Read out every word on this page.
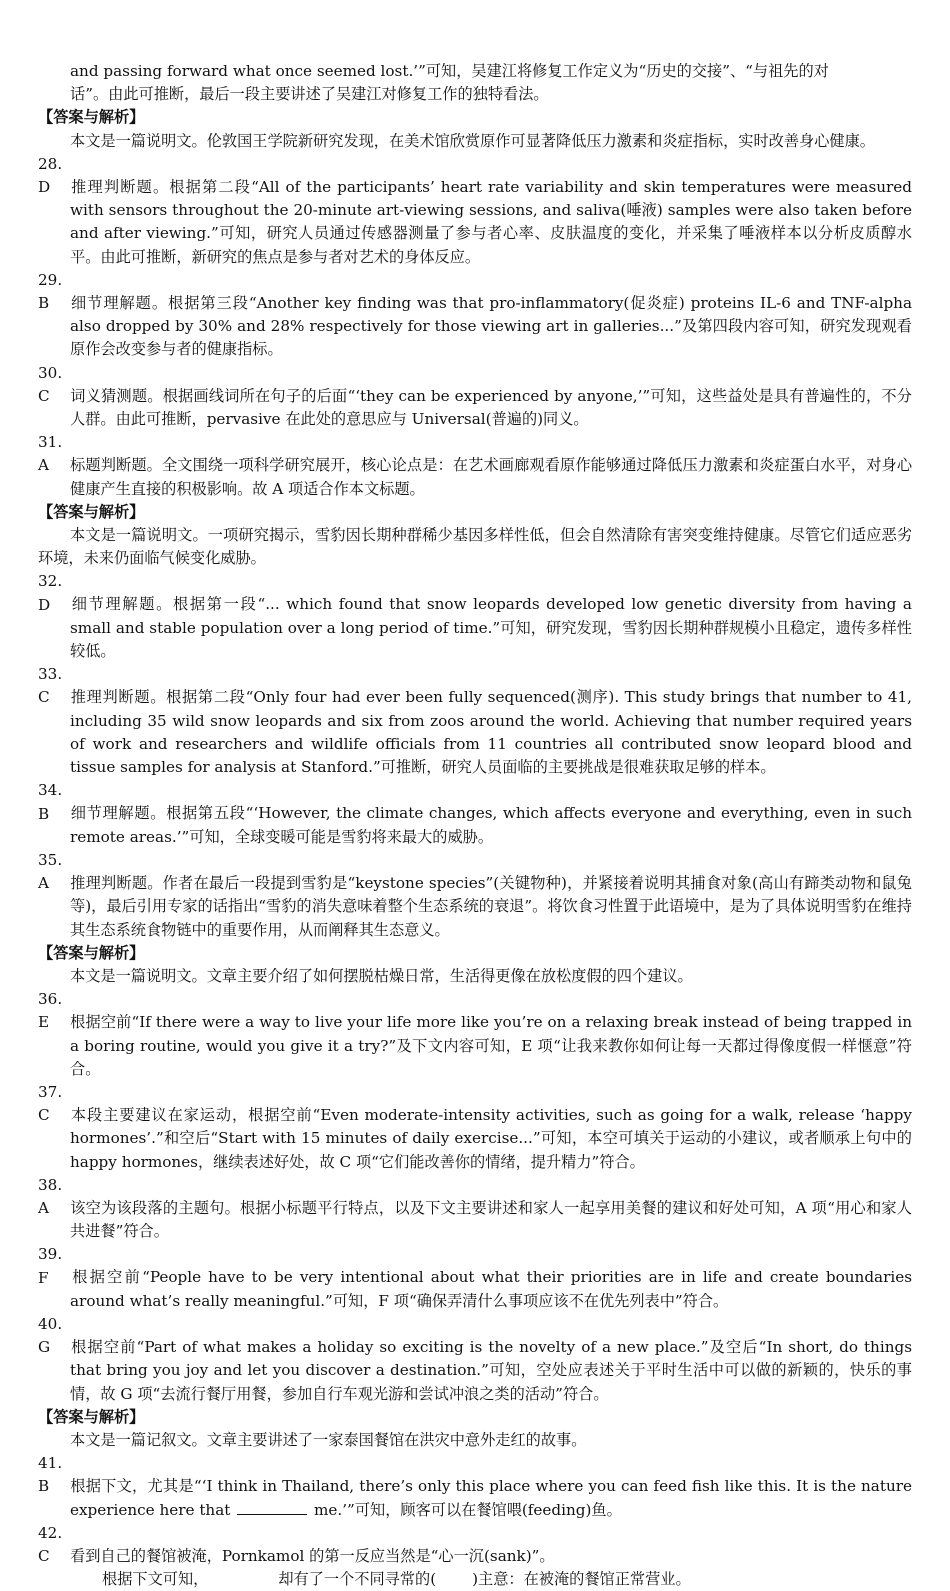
and passing forward what once seemed lost.’”可知，吴建江将修复工作定义为“历史的交接”、“与祖先的对
话”。由此可推断，最后一段主要讲述了吴建江对修复工作的独特看法。
【答案与解析】
本文是一篇说明文。伦敦国王学院新研究发现，在美术馆欣赏原作可显著降低压力激素和炎症指标，实时改善身心健康。
28. D 推理判断题。根据第二段“All of the participants’ heart rate variability and skin temperatures were measured with sensors throughout the 20-minute art-viewing sessions, and saliva(唾液) samples were also taken before and after viewing.”可知，研究人员通过传感器测量了参与者心率、皮肤温度的变化，并采集了唾液样本以分析皮质醇水平。由此可推断，新研究的焦点是参与者对艺术的身体反应。
29. B 细节理解题。根据第三段“Another key finding was that pro-inflammatory(促炎症) proteins IL-6 and TNF-alpha also dropped by 30% and 28% respectively for those viewing art in galleries...”及第四段内容可知，研究发现观看原作会改变参与者的健康指标。
30. C 词义猜测题。根据画线词所在句子的后面“‘they can be experienced by anyone,’”可知，这些益处是具有普遍性的，不分人群。由此可推断，pervasive 在此处的意思应与 Universal(普遍的)同义。
31. A 标题判断题。全文围绕一项科学研究展开，核心论点是：在艺术画廊观看原作能够通过降低压力激素和炎症蛋白水平，对身心健康产生直接的积极影响。故 A 项适合作本文标题。
【答案与解析】
本文是一篇说明文。一项研究揭示，雪豹因长期种群稀少基因多样性低，但会自然清除有害突变维持健康。尽管它们适应恶劣环境，未来仍面临气候变化威胁。
32. D 细节理解题。根据第一段“... which found that snow leopards developed low genetic diversity from having a small and stable population over a long period of time.”可知，研究发现，雪豹因长期种群规模小且稳定，遗传多样性较低。
33. C 推理判断题。根据第二段“Only four had ever been fully sequenced(测序). This study brings that number to 41, including 35 wild snow leopards and six from zoos around the world. Achieving that number required years of work and researchers and wildlife officials from 11 countries all contributed snow leopard blood and tissue samples for analysis at Stanford.”可推断，研究人员面临的主要挑战是很难获取足够的样本。
34. B 细节理解题。根据第五段“‘However, the climate changes, which affects everyone and everything, even in such remote areas.’”可知，全球变暖可能是雪豹将来最大的威胁。
35. A 推理判断题。作者在最后一段提到雪豹是“keystone species”(关键物种)，并紧接着说明其捕食对象(高山有蹄类动物和鼠兔等)，最后引用专家的话指出“雪豹的消失意味着整个生态系统的衰退”。将饮食习性置于此语境中，是为了具体说明雪豹在维持其生态系统食物链中的重要作用，从而阐释其生态意义。
【答案与解析】
本文是一篇说明文。文章主要介绍了如何摆脱枯燥日常，生活得更像在放松度假的四个建议。
36. E 根据空前“If there were a way to live your life more like you’re on a relaxing break instead of being trapped in a boring routine, would you give it a try?”及下文内容可知，E 项“让我来教你如何让每一天都过得像度假一样惬意”符合。
37. C 本段主要建议在家运动，根据空前“Even moderate-intensity activities, such as going for a walk, release ‘happy hormones’.”和空后“Start with 15 minutes of daily exercise...”可知，本空可填关于运动的小建议，或者顺承上句中的 happy hormones，继续表述好处，故 C 项“它们能改善你的情绪，提升精力”符合。
38. A 该空为该段落的主题句。根据小标题平行特点，以及下文主要讲述和家人一起享用美餐的建议和好处可知，A 项“用心和家人共进餐”符合。
39. F 根据空前“People have to be very intentional about what their priorities are in life and create boundaries around what’s really meaningful.”可知，F 项“确保弄清什么事项应该不在优先列表中”符合。
40. G 根据空前“Part of what makes a holiday so exciting is the novelty of a new place.”及空后“In short, do things that bring you joy and let you discover a destination.”可知，空处应表述关于平时生活中可以做的新颖的，快乐的事情，故 G 项“去流行餐厅用餐，参加自行车观光游和尝试冲浪之类的活动”符合。
【答案与解析】
本文是一篇记叙文。文章主要讲述了一家泰国餐馆在洪灾中意外走红的故事。
41. B 根据下文，尤其是“‘I think in Thailand, there’s only this place where you can feed fish like this. It is the nature experience here that	me.’”可知，顾客可以在餐馆喂(feeding)鱼。
42. C 看到自己的餐馆被淹，Pornkamol 的第一反应当然是“心一沉(sank)”。
根据下文可知，	却有了一个不同寻常的( )主意：在被淹的餐馆正常营业。
